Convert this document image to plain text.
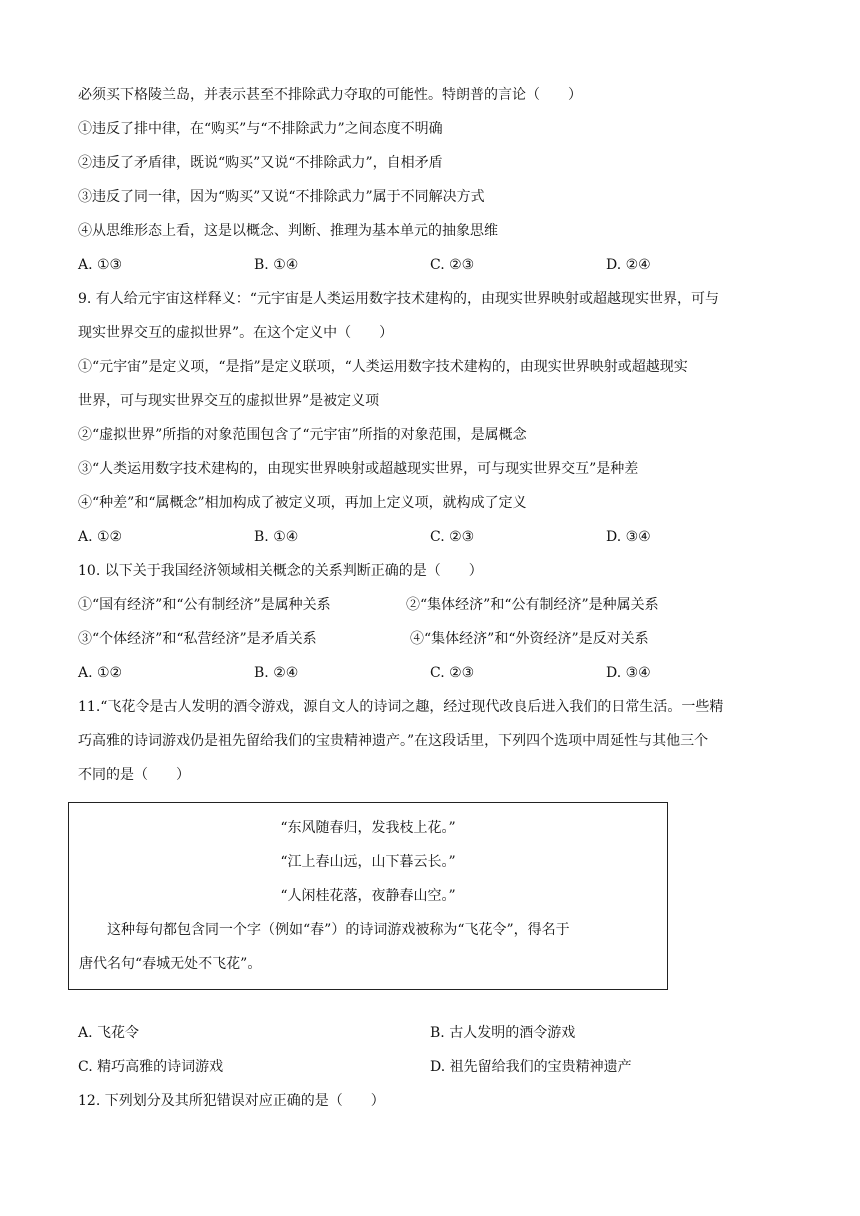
必须买下格陵兰岛，并表示甚至不排除武力夺取的可能性。特朗普的言论（　　）
①违反了排中律，在“购买”与“不排除武力”之间态度不明确
②违反了矛盾律，既说“购买”又说“不排除武力”，自相矛盾
③违反了同一律，因为“购买”又说“不排除武力”属于不同解决方式
④从思维形态上看，这是以概念、判断、推理为基本单元的抽象思维
A. ①③	B. ①④	C. ②③	D. ②④
9. 有人给元宇宙这样释义：“元宇宙是人类运用数字技术建构的，由现实世界映射或超越现实世界，可与
现实世界交互的虚拟世界”。在这个定义中（　　）
①“元宇宙”是定义项，“是指”是定义联项，“人类运用数字技术建构的，由现实世界映射或超越现实
世界，可与现实世界交互的虚拟世界”是被定义项
②“虚拟世界”所指的对象范围包含了“元宇宙”所指的对象范围，是属概念
③“人类运用数字技术建构的，由现实世界映射或超越现实世界，可与现实世界交互”是种差
④“种差”和“属概念”相加构成了被定义项，再加上定义项，就构成了定义
A. ①②	B. ①④	C. ②③	D. ③④
10. 以下关于我国经济领域相关概念的关系判断正确的是（　　）
①“国有经济”和“公有制经济”是属种关系	②“集体经济”和“公有制经济”是种属关系
③“个体经济”和“私营经济”是矛盾关系	④“集体经济”和“外资经济”是反对关系
A. ①②	B. ②④	C. ②③	D. ③④
11.“飞花令是古人发明的酒令游戏，源自文人的诗词之趣，经过现代改良后进入我们的日常生活。一些精
巧高雅的诗词游戏仍是祖先留给我们的宝贵精神遗产。”在这段话里，下列四个选项中周延性与其他三个
不同的是（　　）
“东风随春归，发我枝上花。”
“江上春山远，山下暮云长。”
“人闲桂花落，夜静春山空。”
　　这种每句都包含同一个字（例如“春”）的诗词游戏被称为“飞花令”，得名于
唐代名句“春城无处不飞花”。
A. 飞花令	B. 古人发明的酒令游戏
C. 精巧高雅的诗词游戏	D. 祖先留给我们的宝贵精神遗产
12. 下列划分及其所犯错误对应正确的是（　　）
